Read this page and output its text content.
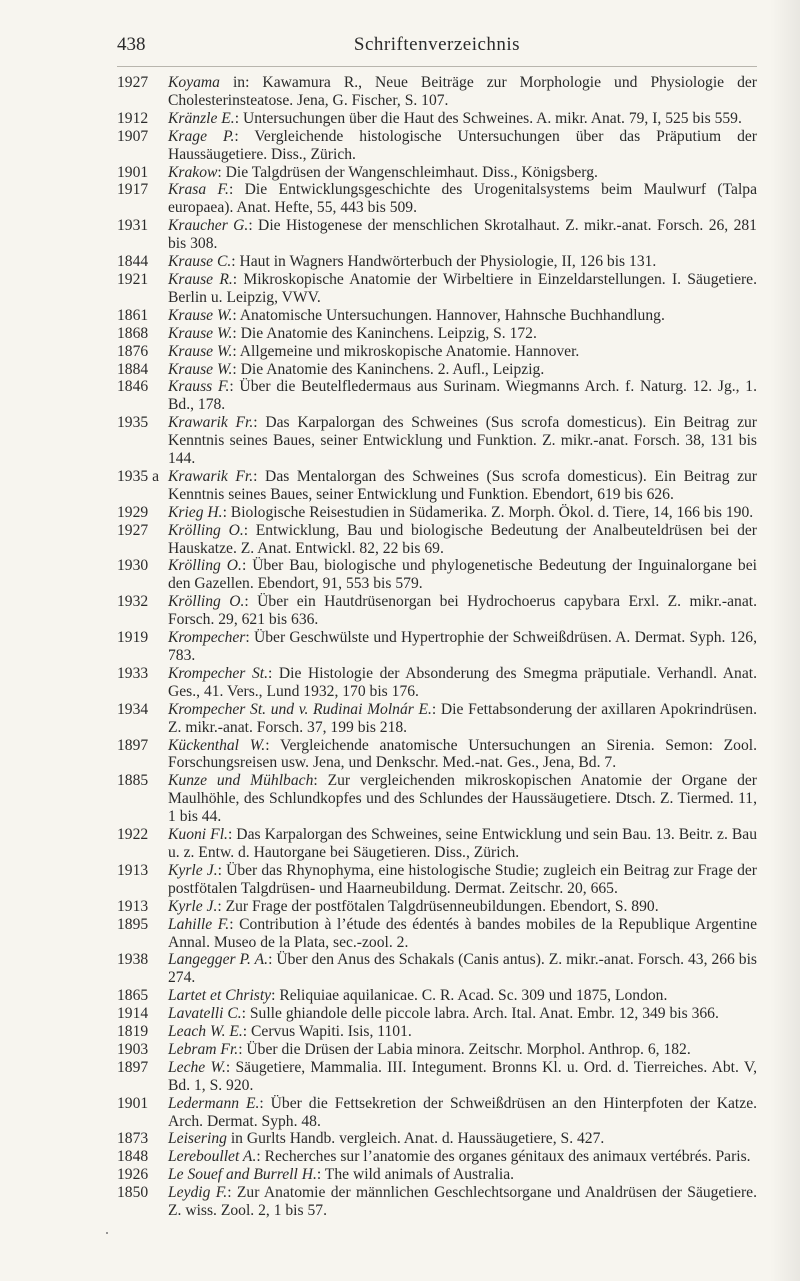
438	Schriftenverzeichnis
1927 Koyama in: Kawamura R., Neue Beiträge zur Morphologie und Physiologie der Cholesterinsteatose. Jena, G. Fischer, S. 107.
1912 Kränzle E.: Untersuchungen über die Haut des Schweines. A. mikr. Anat. 79, I, 525 bis 559.
1907 Krage P.: Vergleichende histologische Untersuchungen über das Präputium der Haussäugetiere. Diss., Zürich.
1901 Krakow: Die Talgdrüsen der Wangenschleimhaut. Diss., Königsberg.
1917 Krasa F.: Die Entwicklungsgeschichte des Urogenitalsystems beim Maulwurf (Talpa europaea). Anat. Hefte, 55, 443 bis 509.
1931 Kraucher G.: Die Histogenese der menschlichen Skrotalhaut. Z. mikr.-anat. Forsch. 26, 281 bis 308.
1844 Krause C.: Haut in Wagners Handwörterbuch der Physiologie, II, 126 bis 131.
1921 Krause R.: Mikroskopische Anatomie der Wirbeltiere in Einzeldarstellungen. I. Säugetiere. Berlin u. Leipzig, VWV.
1861 Krause W.: Anatomische Untersuchungen. Hannover, Hahnsche Buchhandlung.
1868 Krause W.: Die Anatomie des Kaninchens. Leipzig, S. 172.
1876 Krause W.: Allgemeine und mikroskopische Anatomie. Hannover.
1884 Krause W.: Die Anatomie des Kaninchens. 2. Aufl., Leipzig.
1846 Krauss F.: Über die Beutelfledermaus aus Surinam. Wiegmanns Arch. f. Naturg. 12. Jg., 1. Bd., 178.
1935 Krawarik Fr.: Das Karpalorgan des Schweines (Sus scrofa domesticus). Ein Beitrag zur Kenntnis seines Baues, seiner Entwicklung und Funktion. Z. mikr.-anat. Forsch. 38, 131 bis 144.
1935 a Krawarik Fr.: Das Mentalorgan des Schweines (Sus scrofa domesticus). Ein Beitrag zur Kenntnis seines Baues, seiner Entwicklung und Funktion. Ebendort, 619 bis 626.
1929 Krieg H.: Biologische Reisestudien in Südamerika. Z. Morph. Ökol. d. Tiere, 14, 166 bis 190.
1927 Krölling O.: Entwicklung, Bau und biologische Bedeutung der Analbeuteldrüsen bei der Hauskatze. Z. Anat. Entwickl. 82, 22 bis 69.
1930 Krölling O.: Über Bau, biologische und phylogenetische Bedeutung der Inguinalorgane bei den Gazellen. Ebendort, 91, 553 bis 579.
1932 Krölling O.: Über ein Hautdrüsenorgan bei Hydrochoerus capybara Erxl. Z. mikr.-anat. Forsch. 29, 621 bis 636.
1919 Krompecher: Über Geschwülste und Hypertrophie der Schweißdrüsen. A. Dermat. Syph. 126, 783.
1933 Krompecher St.: Die Histologie der Absonderung des Smegma präputiale. Verhandl. Anat. Ges., 41. Vers., Lund 1932, 170 bis 176.
1934 Krompecher St. und v. Rudinai Molnár E.: Die Fettabsonderung der axillaren Apokrindrüsen. Z. mikr.-anat. Forsch. 37, 199 bis 218.
1897 Kückenthal W.: Vergleichende anatomische Untersuchungen an Sirenia. Semon: Zool. Forschungsreisen usw. Jena, und Denkschr. Med.-nat. Ges., Jena, Bd. 7.
1885 Kunze und Mühlbach: Zur vergleichenden mikroskopischen Anatomie der Organe der Maulhöhle, des Schlundkopfes und des Schlundes der Haussäugetiere. Dtsch. Z. Tiermed. 11, 1 bis 44.
1922 Kuoni Fl.: Das Karpalorgan des Schweines, seine Entwicklung und sein Bau. 13. Beitr. z. Bau u. z. Entw. d. Hautorgane bei Säugetieren. Diss., Zürich.
1913 Kyrle J.: Über das Rhynophyma, eine histologische Studie; zugleich ein Beitrag zur Frage der postfötalen Talgdrüsen- und Haarneubildung. Dermat. Zeitschr. 20, 665.
1913 Kyrle J.: Zur Frage der postfötalen Talgdrüsenneubildungen. Ebendort, S. 890.
1895 Lahille F.: Contribution à l’étude des édentés à bandes mobiles de la Republique Argentine Annal. Museo de la Plata, sec.-zool. 2.
1938 Langegger P. A.: Über den Anus des Schakals (Canis antus). Z. mikr.-anat. Forsch. 43, 266 bis 274.
1865 Lartet et Christy: Reliquiae aquilanicae. C. R. Acad. Sc. 309 und 1875, London.
1914 Lavatelli C.: Sulle ghiandole delle piccole labra. Arch. Ital. Anat. Embr. 12, 349 bis 366.
1819 Leach W. E.: Cervus Wapiti. Isis, 1101.
1903 Lebram Fr.: Über die Drüsen der Labia minora. Zeitschr. Morphol. Anthrop. 6, 182.
1897 Leche W.: Säugetiere, Mammalia. III. Integument. Bronns Kl. u. Ord. d. Tierreiches. Abt. V, Bd. 1, S. 920.
1901 Ledermann E.: Über die Fettsekretion der Schweißdrüsen an den Hinterpfoten der Katze. Arch. Dermat. Syph. 48.
1873 Leisering in Gurlts Handb. vergleich. Anat. d. Haussäugetiere, S. 427.
1848 Lereboullet A.: Recherches sur l’anatomie des organes génitaux des animaux vertébrés. Paris.
1926 Le Souef and Burrell H.: The wild animals of Australia.
1850 Leydig F.: Zur Anatomie der männlichen Geschlechtsorgane und Analdrüsen der Säugetiere. Z. wiss. Zool. 2, 1 bis 57.
